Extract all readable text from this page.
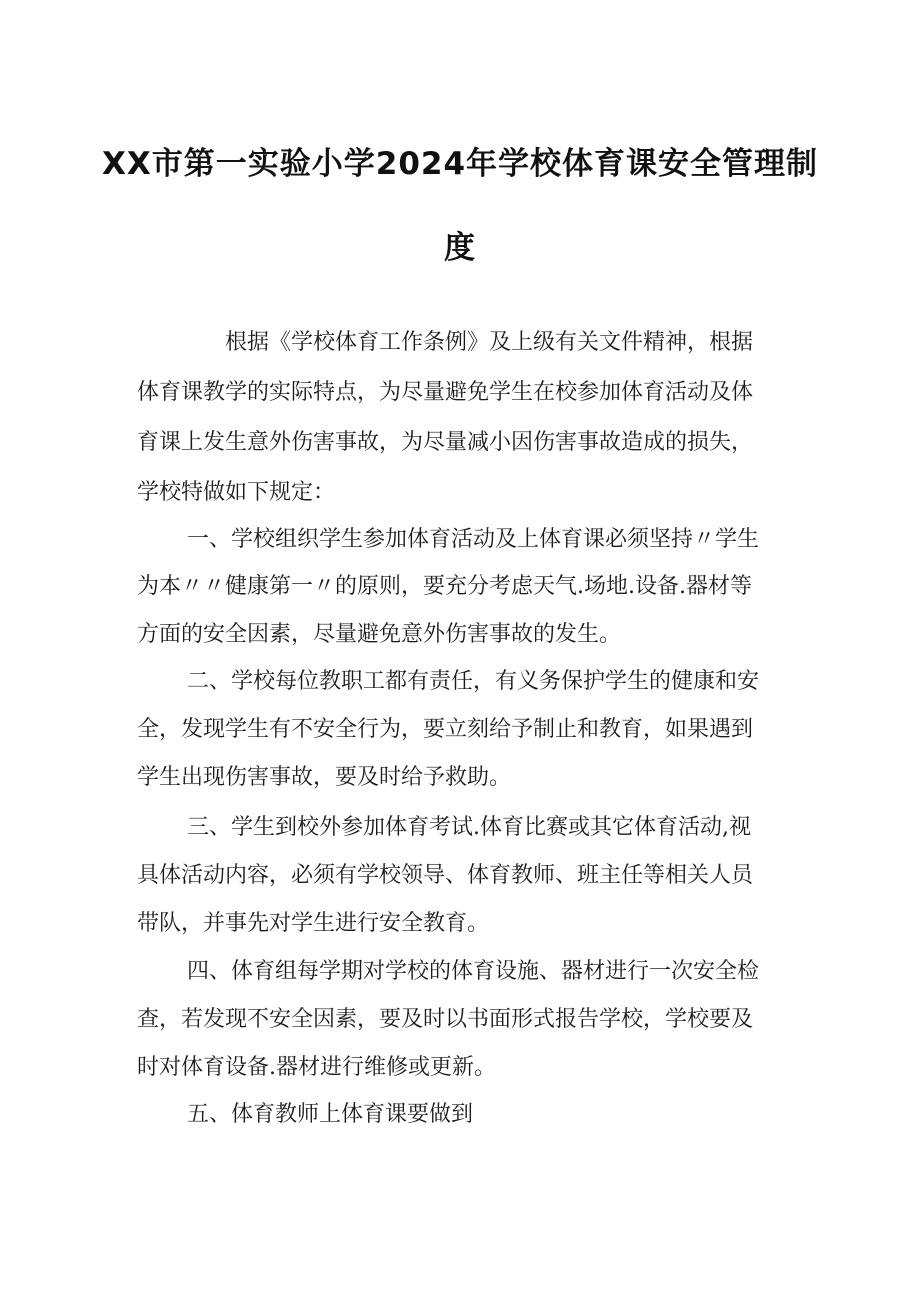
XX市第一实验小学2024年学校体育课安全管理制
度
根据《学校体育工作条例》及上级有关文件精神，根据
体育课教学的实际特点，为尽量避免学生在校参加体育活动及体
育课上发生意外伤害事故，为尽量减小因伤害事故造成的损失，
学校特做如下规定：
一、学校组织学生参加体育活动及上体育课必须坚持〃学生
为本〃〃健康第一〃的原则，要充分考虑天气.场地.设备.器材等
方面的安全因素，尽量避免意外伤害事故的发生。
二、学校每位教职工都有责任，有义务保护学生的健康和安
全，发现学生有不安全行为，要立刻给予制止和教育，如果遇到
学生出现伤害事故，要及时给予救助。
三、学生到校外参加体育考试.体育比赛或其它体育活动,视
具体活动内容，必须有学校领导、体育教师、班主任等相关人员
带队，并事先对学生进行安全教育。
四、体育组每学期对学校的体育设施、器材进行一次安全检
查，若发现不安全因素，要及时以书面形式报告学校，学校要及
时对体育设备.器材进行维修或更新。
五、体育教师上体育课要做到
